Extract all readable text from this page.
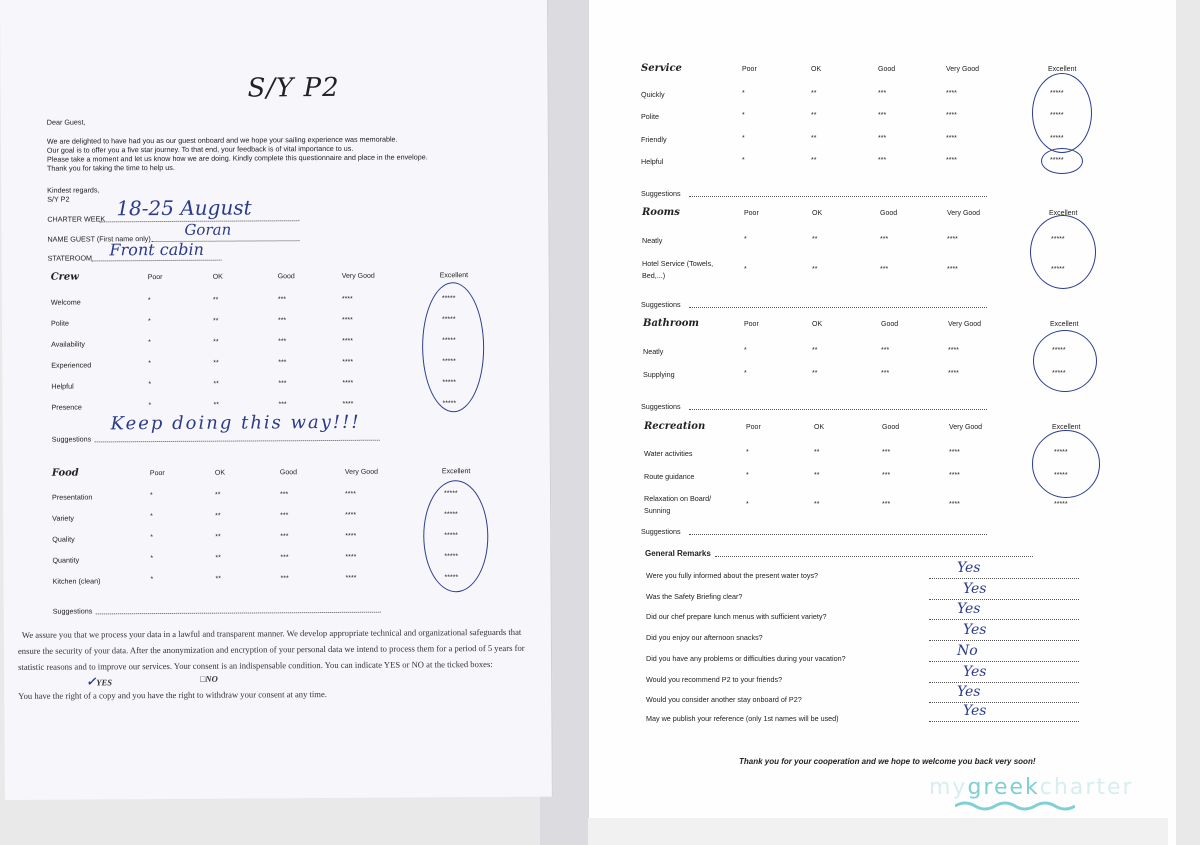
S/Y P2
Dear Guest,
We are delighted to have had you as our guest onboard and we hope your sailing experience was memorable.
Our goal is to offer you a five star journey. To that end, your feedback is of vital importance to us.
Please take a moment and let us know how we are doing. Kindly complete this questionnaire and place in the envelope.
Thank you for taking the time to help us.
Kindest regards,
S/Y P2
CHARTER WEEK 18-25 August
NAME GUEST (First name only)
Goran
STATEROOM Front cabin
Crew	Poor	OK	Good	Very Good	Excellent
Welcome	*	**	***	****	*****
Polite	*	**	***	****	*****
Availability	*	**	***	****	*****
Experienced	*	**	***	****	*****
Helpful	*	**	***	****	*****
Presence	*	**	***	****	*****
Suggestions
Keep doing this way!!!
Food	Poor	OK	Good	Very Good	Excellent
Presentation	*	**	***	****	*****
Variety	*	**	***	****	*****
Quality	*	**	***	****	*****
Quantity	*	**	***	****	*****
Kitchen (clean)	*	**	***	****	*****
Suggestions
We assure you that we process your data in a lawful and transparent manner. We develop appropriate technical and organizational safeguards that
ensure the security of your data. After the anonymization and encryption of your personal data we intend to process them for a period of 5 years for
statistic reasons and to improve our services. Your consent is an indispensable condition. You can indicate YES or NO at the ticked boxes:
✓YES	□NO
You have the right of a copy and you have the right to withdraw your consent at any time.
Service	Poor	OK	Good	Very Good	Excellent
Quickly	*	**	***	****	*****
Polite	*	**	***	****	*****
Friendly	*	**	***	****	*****
Helpful	*	**	***	****	*****
Rooms	Poor	OK	Good	Very Good	Excellent
Neatly	*	**	***	****	*****
Hotel Service (Towels, Bed,...)
*	**	***	****	*****
Bathroom	Poor	OK	Good	Very Good	Excellent
Neatly	*	**	***	****	*****
Supplying	*	**	***	****	*****
Recreation	Poor	OK	Good	Very Good	Excellent
Water activities	*	**	***	****	*****
Route guidance	*	**	***	****	*****
Relaxation on Board/ Sunning
*	**	***	****	*****
General Remarks
Were you fully informed about the present water toys?	Yes
Was the Safety Briefing clear?	Yes
Did our chef prepare lunch menus with sufficient variety?	Yes
Did you enjoy our afternoon snacks?	Yes
Did you have any problems or difficulties during your vacation?	No
Would you recommend P2 to your friends?	Yes
Would you consider another stay onboard of P2?	Yes
May we publish your reference (only 1st names will be used)	Yes
Thank you for your cooperation and we hope to welcome you back very soon!
mygreekcharter
Suggestions
Suggestions
Suggestions
Suggestions
